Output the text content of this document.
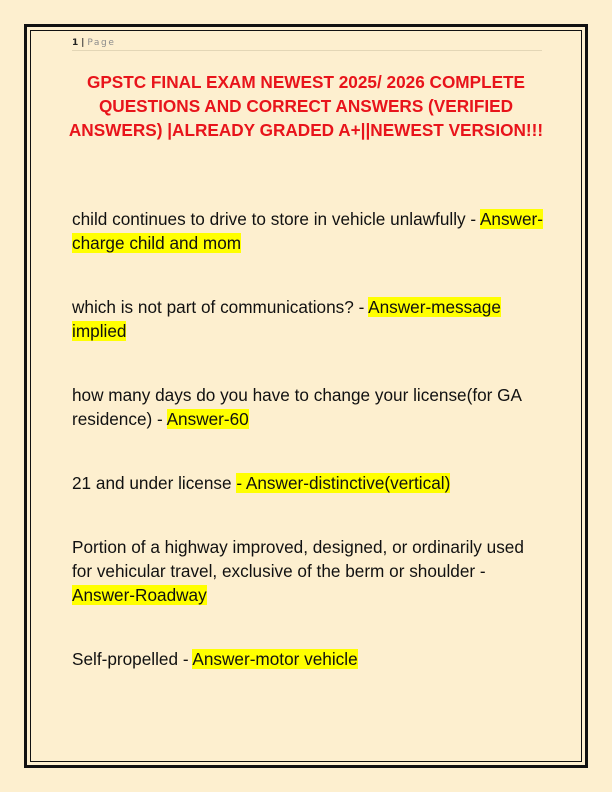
1 | Page
GPSTC FINAL EXAM NEWEST 2025/ 2026 COMPLETE QUESTIONS AND CORRECT ANSWERS (VERIFIED ANSWERS) |ALREADY GRADED A+||NEWEST VERSION!!!
child continues to drive to store in vehicle unlawfully - Answer-charge child and mom
which is not part of communications? - Answer-message implied
how many days do you have to change your license(for GA residence) - Answer-60
21 and under license - Answer-distinctive(vertical)
Portion of a highway improved, designed, or ordinarily used for vehicular travel, exclusive of the berm or shoulder - Answer-Roadway
Self-propelled - Answer-motor vehicle
